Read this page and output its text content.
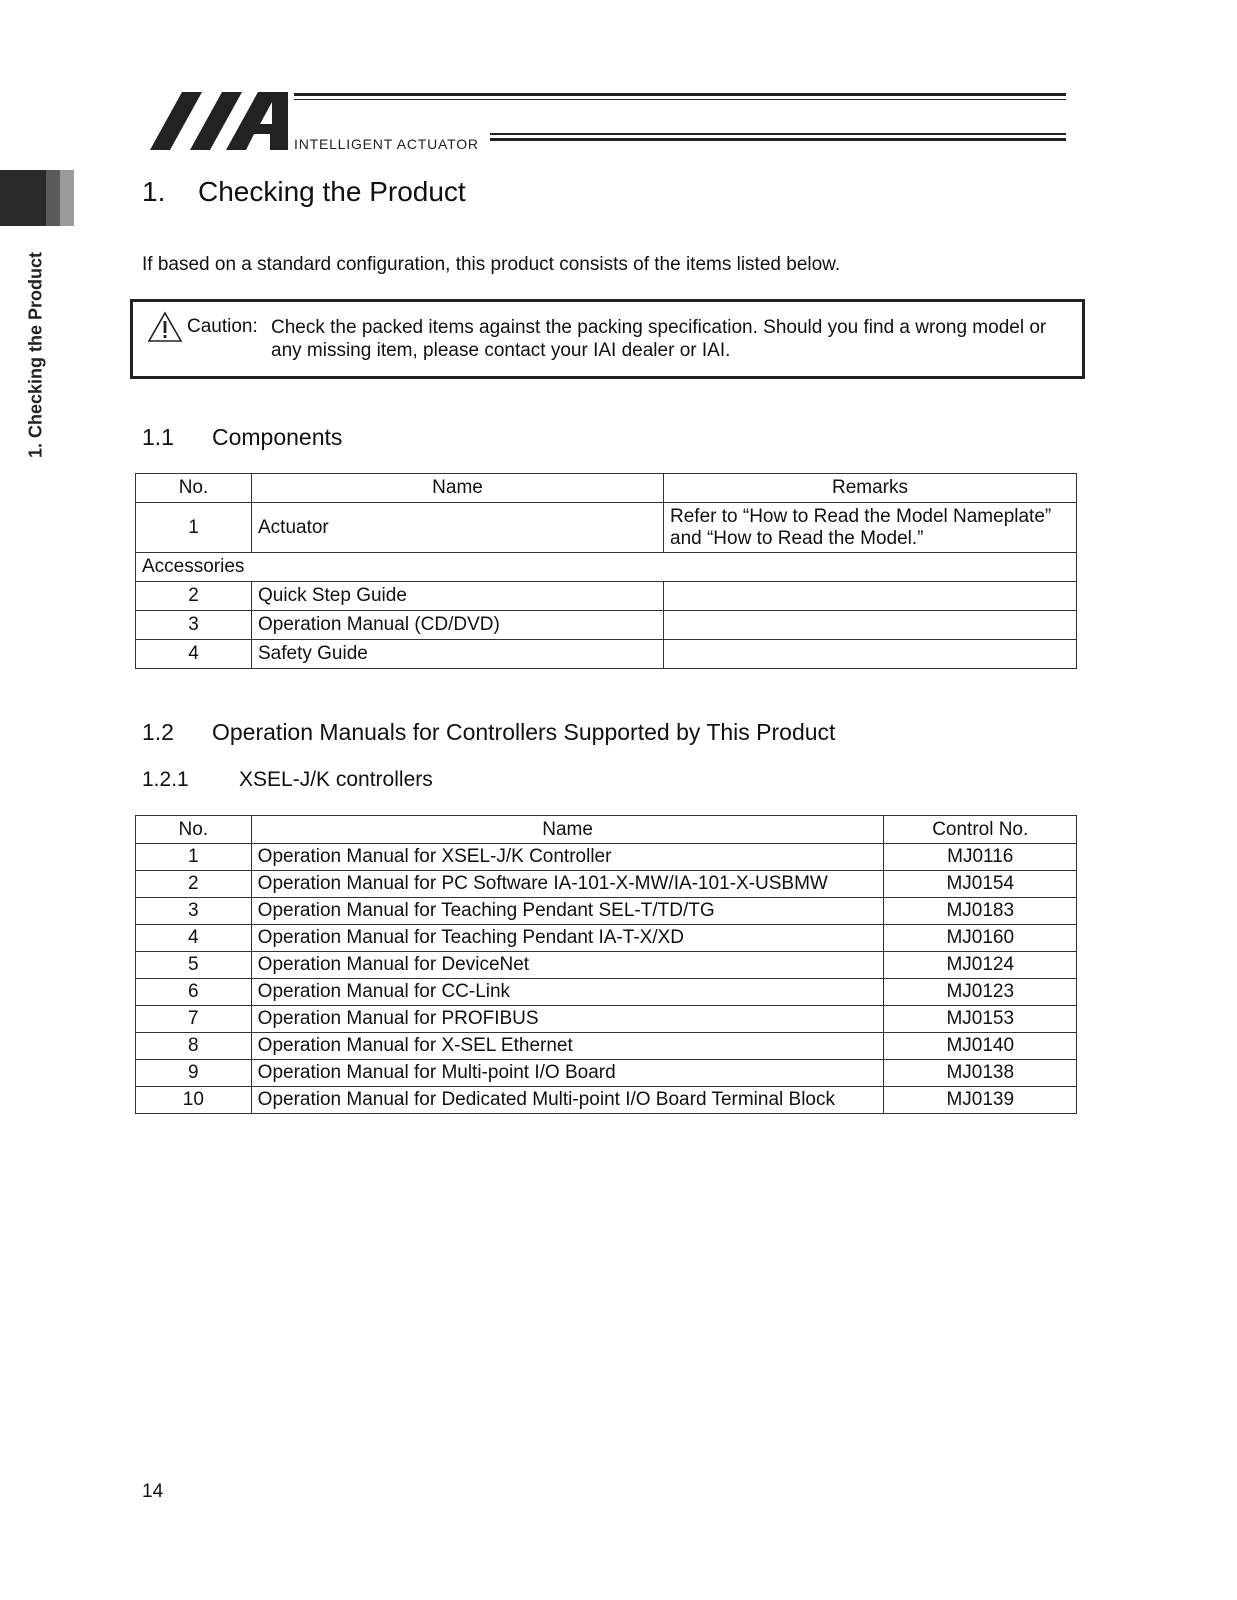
INTELLIGENT ACTUATOR
1. Checking the Product
1. Checking the Product
If based on a standard configuration, this product consists of the items listed below.
Caution: Check the packed items against the packing specification. Should you find a wrong model or any missing item, please contact your IAI dealer or IAI.
1.1 Components
No.	Name	Remarks
1	Actuator	Refer to “How to Read the Model Nameplate” and “How to Read the Model.”
Accessories		
2	Quick Step Guide	
3	Operation Manual (CD/DVD)	
4	Safety Guide	
1.2 Operation Manuals for Controllers Supported by This Product
1.2.1 XSEL-J/K controllers
No.	Name	Control No.
1	Operation Manual for XSEL-J/K Controller	MJ0116
2	Operation Manual for PC Software IA-101-X-MW/IA-101-X-USBMW	MJ0154
3	Operation Manual for Teaching Pendant SEL-T/TD/TG	MJ0183
4	Operation Manual for Teaching Pendant IA-T-X/XD	MJ0160
5	Operation Manual for DeviceNet	MJ0124
6	Operation Manual for CC-Link	MJ0123
7	Operation Manual for PROFIBUS	MJ0153
8	Operation Manual for X-SEL Ethernet	MJ0140
9	Operation Manual for Multi-point I/O Board	MJ0138
10	Operation Manual for Dedicated Multi-point I/O Board Terminal Block	MJ0139
14
